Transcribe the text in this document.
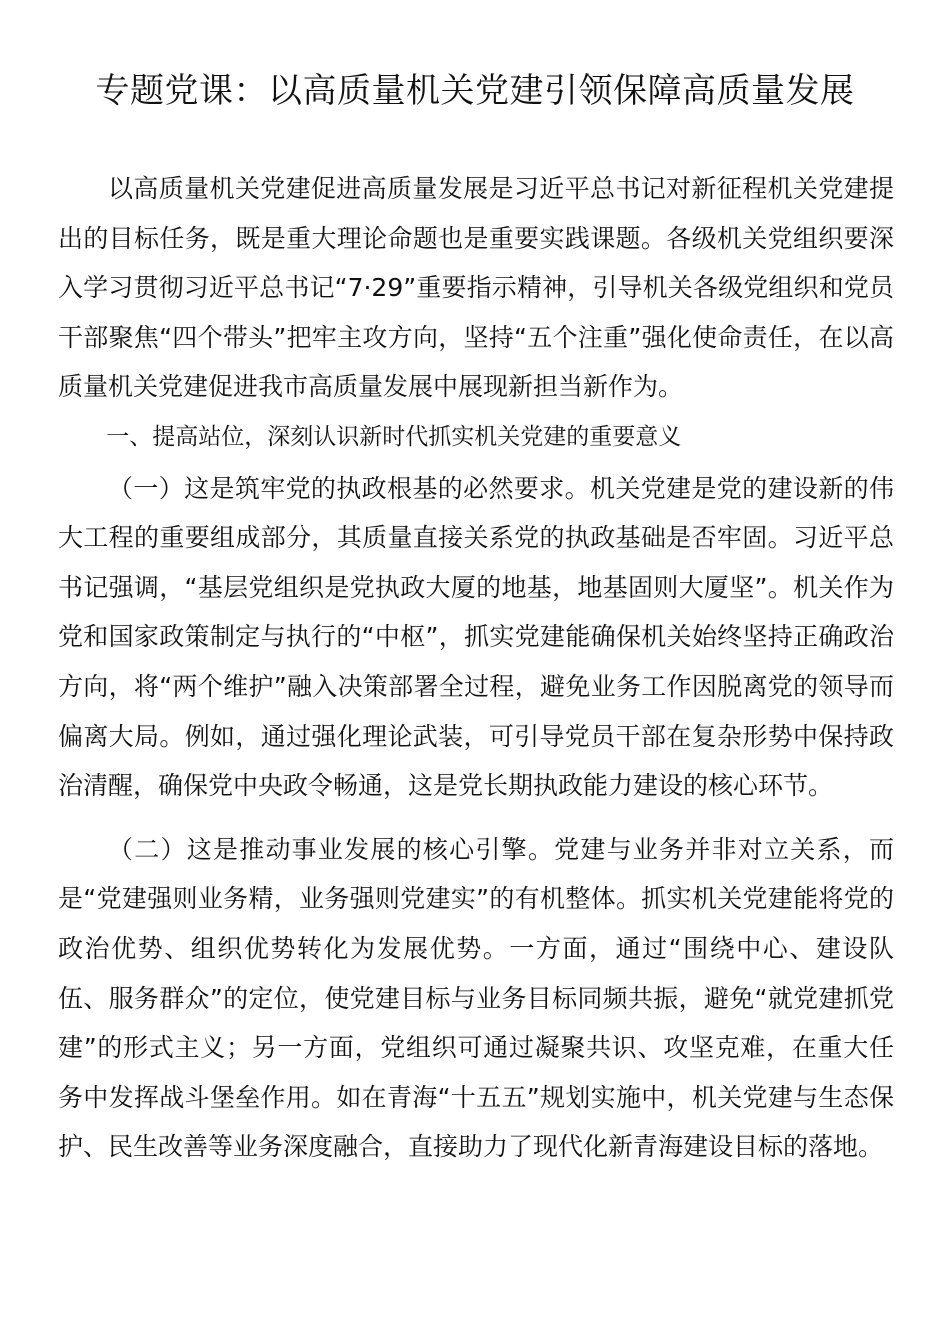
专题党课：以高质量机关党建引领保障高质量发展

以高质量机关党建促进高质量发展是习近平总书记对新征程机关党建提出的目标任务，既是重大理论命题也是重要实践课题。各级机关党组织要深入学习贯彻习近平总书记“7·29”重要指示精神，引导机关各级党组织和党员干部聚焦“四个带头”把牢主攻方向，坚持“五个注重”强化使命责任，在以高质量机关党建促进我市高质量发展中展现新担当新作为。

一、提高站位，深刻认识新时代抓实机关党建的重要意义

（一）这是筑牢党的执政根基的必然要求。机关党建是党的建设新的伟大工程的重要组成部分，其质量直接关系党的执政基础是否牢固。习近平总书记强调，“基层党组织是党执政大厦的地基，地基固则大厦坚”。机关作为党和国家政策制定与执行的“中枢”，抓实党建能确保机关始终坚持正确政治方向，将“两个维护”融入决策部署全过程，避免业务工作因脱离党的领导而偏离大局。例如，通过强化理论武装，可引导党员干部在复杂形势中保持政治清醒，确保党中央政令畅通，这是党长期执政能力建设的核心环节。

（二）这是推动事业发展的核心引擎。党建与业务并非对立关系，而是“党建强则业务精，业务强则党建实”的有机整体。抓实机关党建能将党的政治优势、组织优势转化为发展优势。一方面，通过“围绕中心、建设队伍、服务群众”的定位，使党建目标与业务目标同频共振，避免“就党建抓党建”的形式主义；另一方面，党组织可通过凝聚共识、攻坚克难，在重大任务中发挥战斗堡垒作用。如在青海“十五五”规划实施中，机关党建与生态保护、民生改善等业务深度融合，直接助力了现代化新青海建设目标的落地。
